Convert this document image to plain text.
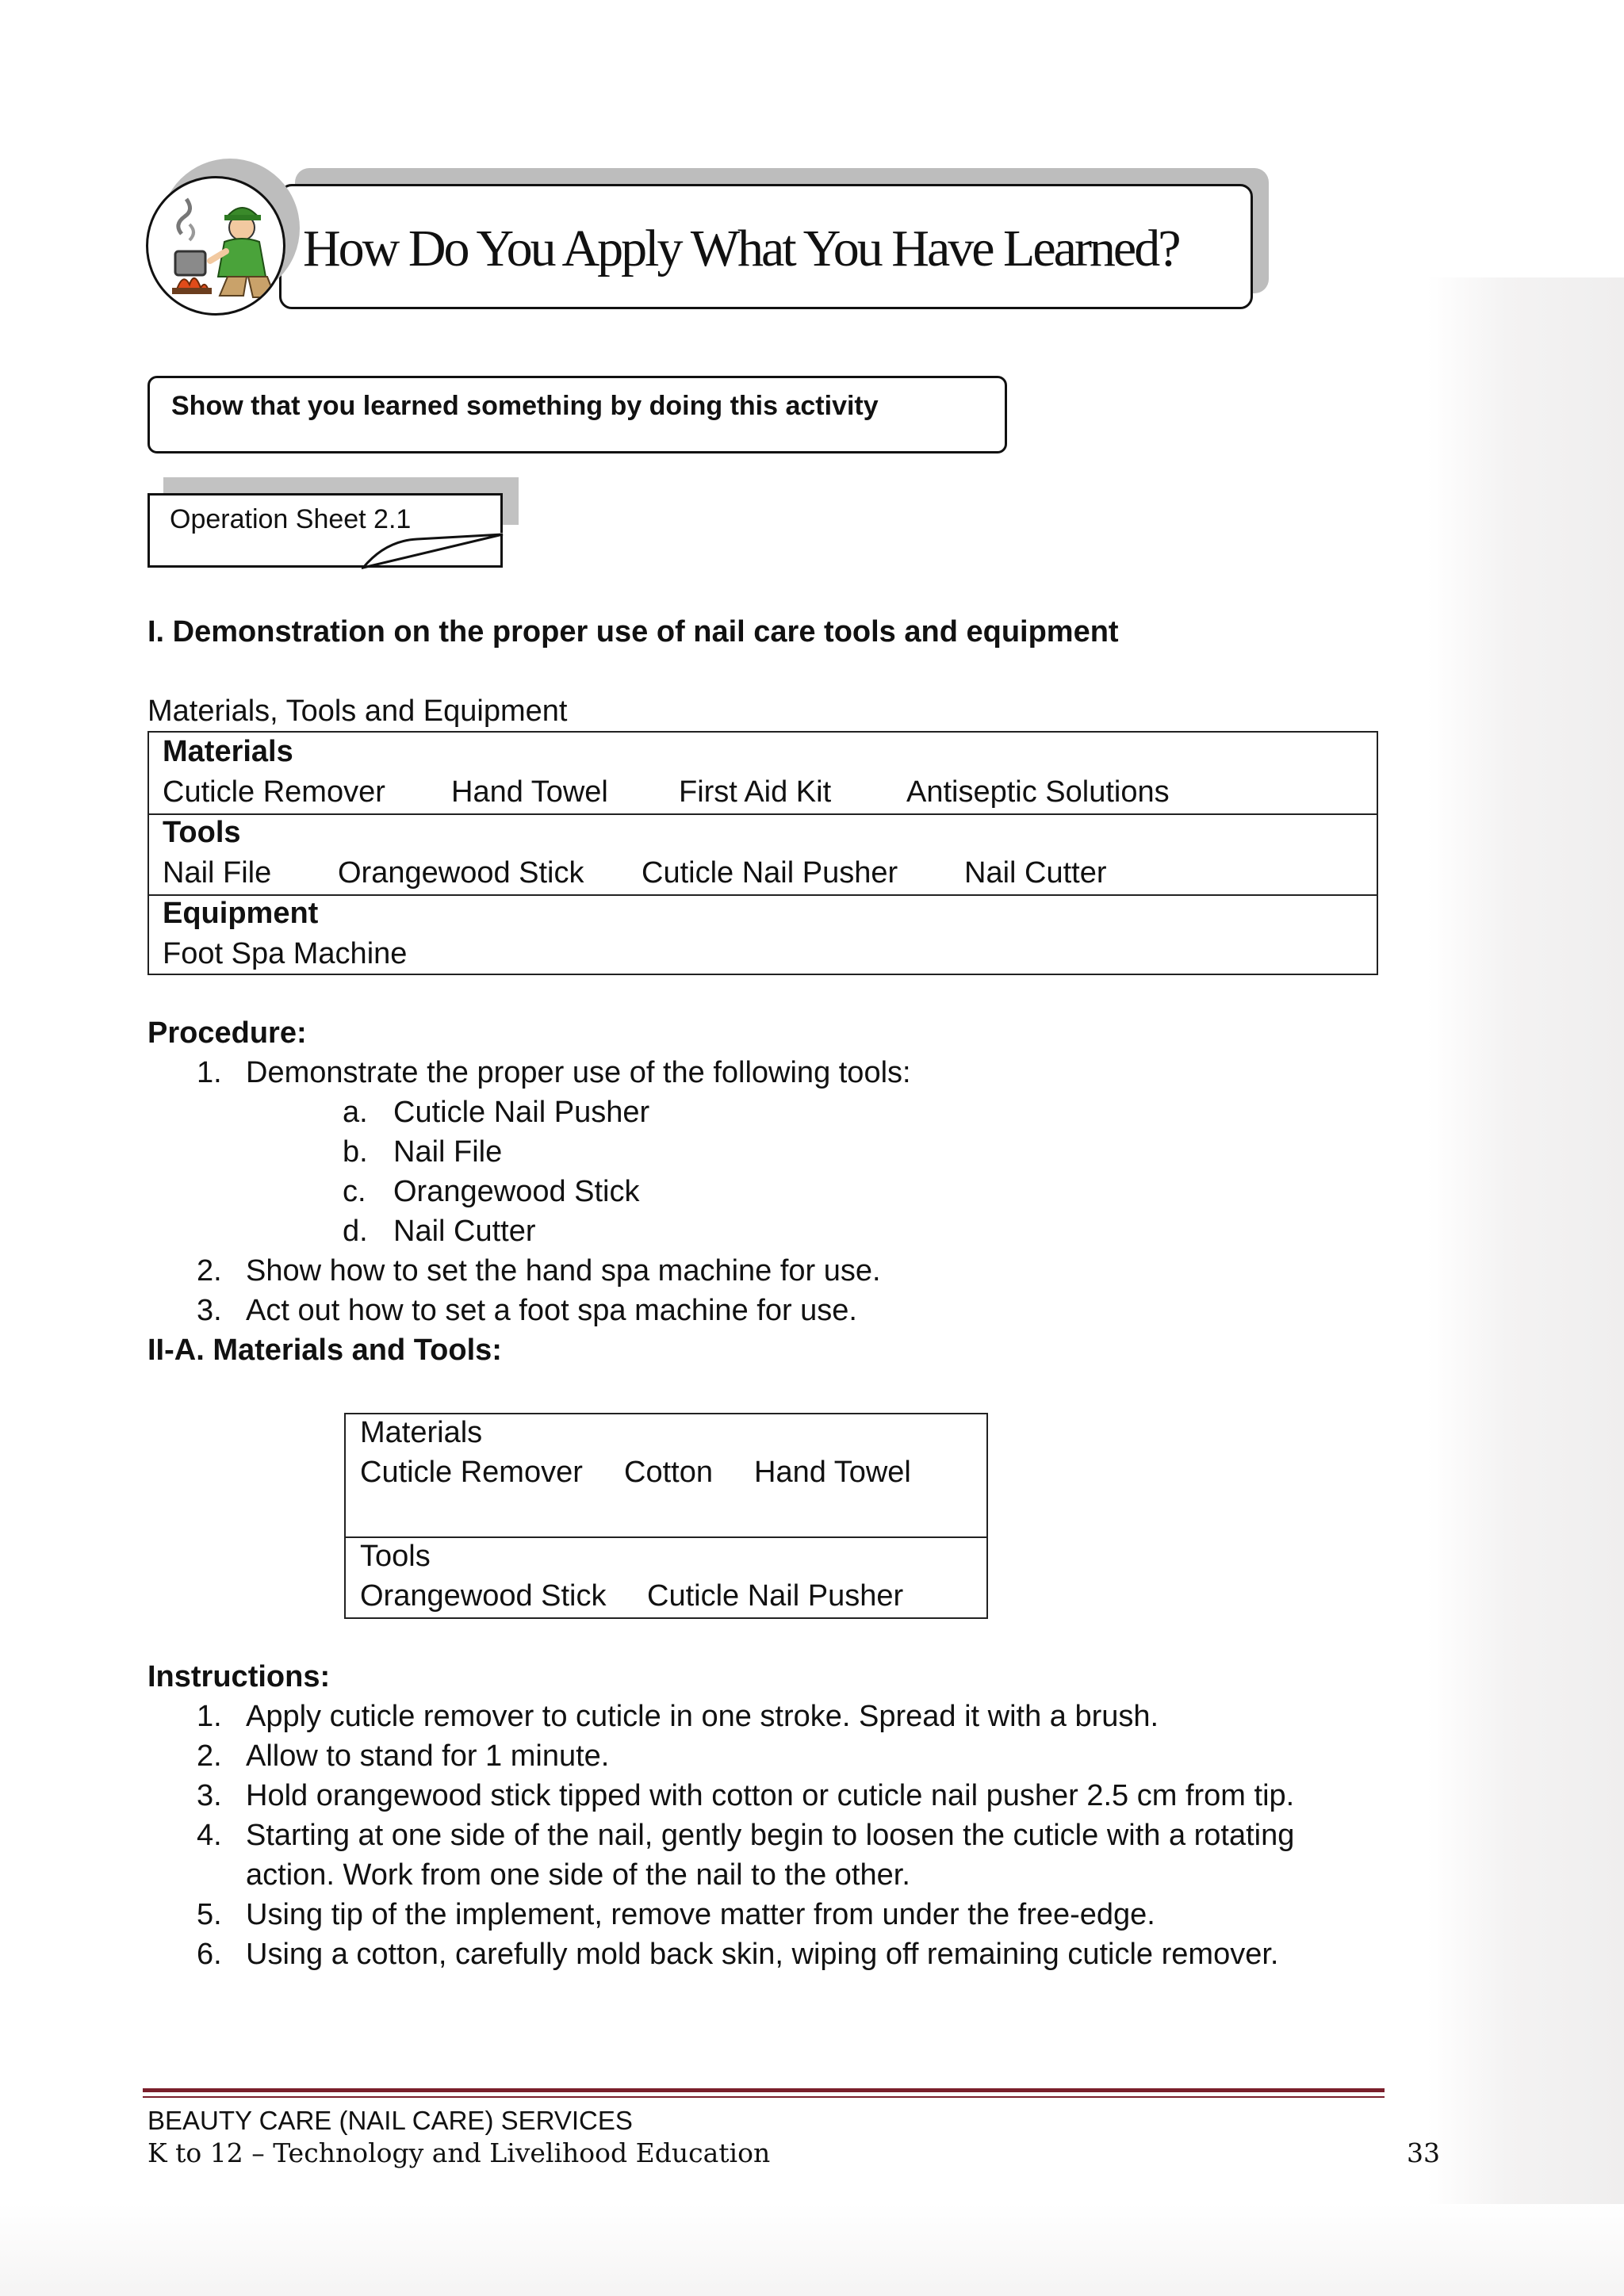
How Do You Apply What You Have Learned?
Show that you learned something by doing this activity
Operation Sheet 2.1
I. Demonstration on the proper use of nail care tools and equipment
Materials, Tools and Equipment
Materials
Cuticle Remover Hand Towel First Aid Kit Antiseptic Solutions
Tools
Nail File Orangewood Stick Cuticle Nail Pusher Nail Cutter
Equipment
Foot Spa Machine
Procedure:
1. Demonstrate the proper use of the following tools:
a. Cuticle Nail Pusher
b. Nail File
c. Orangewood Stick
d. Nail Cutter
2. Show how to set the hand spa machine for use.
3. Act out how to set a foot spa machine for use.
II-A. Materials and Tools:
Materials
Cuticle Remover Cotton Hand Towel
Tools
Orangewood Stick Cuticle Nail Pusher
Instructions:
1. Apply cuticle remover to cuticle in one stroke. Spread it with a brush.
2. Allow to stand for 1 minute.
3. Hold orangewood stick tipped with cotton or cuticle nail pusher 2.5 cm from tip.
4. Starting at one side of the nail, gently begin to loosen the cuticle with a rotating
action. Work from one side of the nail to the other.
5. Using tip of the implement, remove matter from under the free-edge.
6. Using a cotton, carefully mold back skin, wiping off remaining cuticle remover.
BEAUTY CARE (NAIL CARE) SERVICES
K to 12 – Technology and Livelihood Education	33
